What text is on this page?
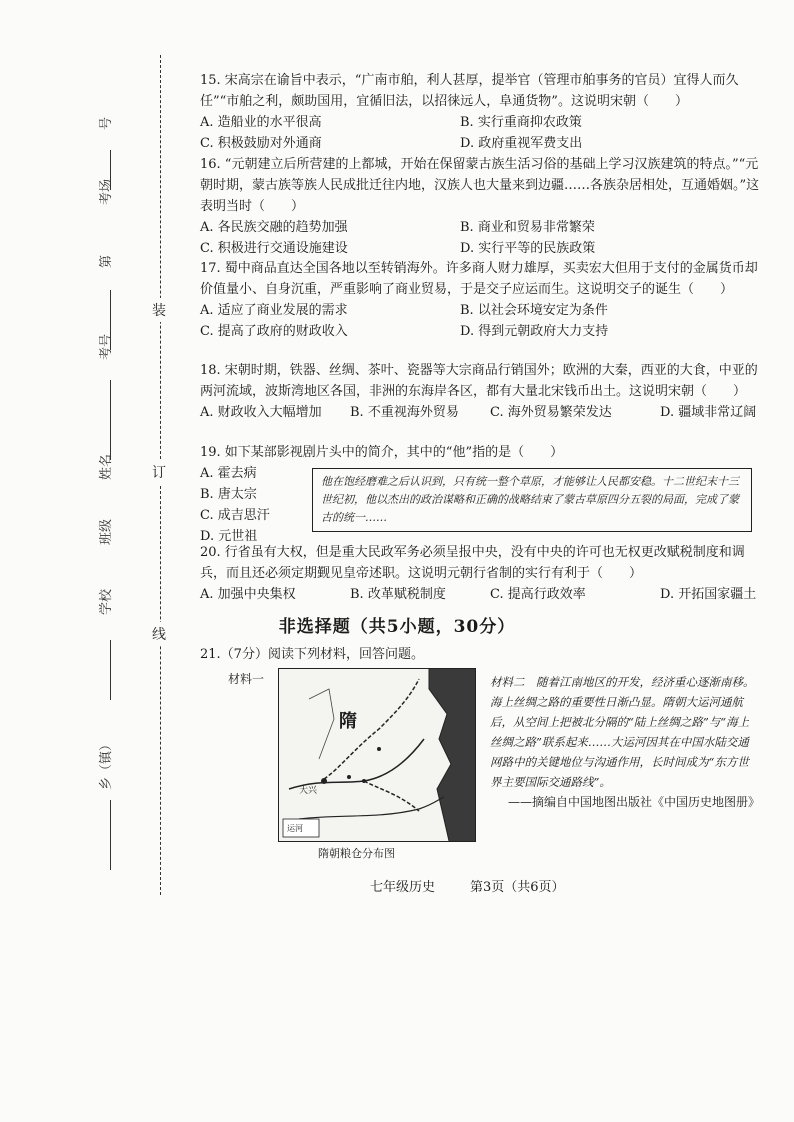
装
订
线
号
考场
第
考号
姓名
班级
学校
乡（镇）
15. 宋高宗在谕旨中表示，“广南市舶，利人甚厚，提举官（管理市舶事务的官员）宜得人而久任”“市舶之利，颇助国用，宜循旧法，以招徕远人，阜通货物”。这说明宋朝（　　）
A. 造船业的水平很高	B. 实行重商抑农政策
C. 积极鼓励对外通商	D. 政府重视军费支出
16. “元朝建立后所营建的上都城，开始在保留蒙古族生活习俗的基础上学习汉族建筑的特点。”“元朝时期，蒙古族等族人民成批迁往内地，汉族人也大量来到边疆……各族杂居相处，互通婚姻。”这表明当时（　　）
A. 各民族交融的趋势加强	B. 商业和贸易非常繁荣
C. 积极进行交通设施建设	D. 实行平等的民族政策
17. 蜀中商品直达全国各地以至转销海外。许多商人财力雄厚，买卖宏大但用于支付的金属货币却价值量小、自身沉重，严重影响了商业贸易，于是交子应运而生。这说明交子的诞生（　　）
A. 适应了商业发展的需求	B. 以社会环境安定为条件
C. 提高了政府的财政收入	D. 得到元朝政府大力支持
18. 宋朝时期，铁器、丝绸、茶叶、瓷器等大宗商品行销国外；欧洲的大秦，西亚的大食，中亚的两河流域，波斯湾地区各国，非洲的东海岸各区，都有大量北宋钱币出土。这说明宋朝（　　）
A. 财政收入大幅增加	B. 不重视海外贸易	C. 海外贸易繁荣发达	D. 疆域非常辽阔
19. 如下某部影视剧片头中的简介，其中的“他”指的是（　　）
A. 霍去病
B. 唐太宗
C. 成吉思汗
D. 元世祖
他在饱经磨难之后认识到，只有统一整个草原，才能够让人民都安稳。十二世纪末十三世纪初，他以杰出的政治谋略和正确的战略结束了蒙古草原四分五裂的局面，完成了蒙古的统一……
20. 行省虽有大权，但是重大民政军务必须呈报中央，没有中央的许可也无权更改赋税制度和调兵，而且还必须定期觐见皇帝述职。这说明元朝行省制的实行有利于（　　）
A. 加强中央集权	B. 改革赋税制度	C. 提高行政效率	D. 开拓国家疆土
非选择题（共5小题，30分）
21.（7分）阅读下列材料，回答问题。
材料一
隋
大兴
运河
隋朝粮仓分布图
材料二　随着江南地区的开发，经济重心逐渐南移。海上丝绸之路的重要性日渐凸显。隋朝大运河通航后，从空间上把被北分隔的“陆上丝绸之路”与“海上丝绸之路”联系起来……大运河因其在中国水陆交通网路中的关键地位与沟通作用，长时间成为“东方世界主要国际交通路线”。
——摘编自中国地图出版社《中国历史地图册》
七年级历史	第3页（共6页）
